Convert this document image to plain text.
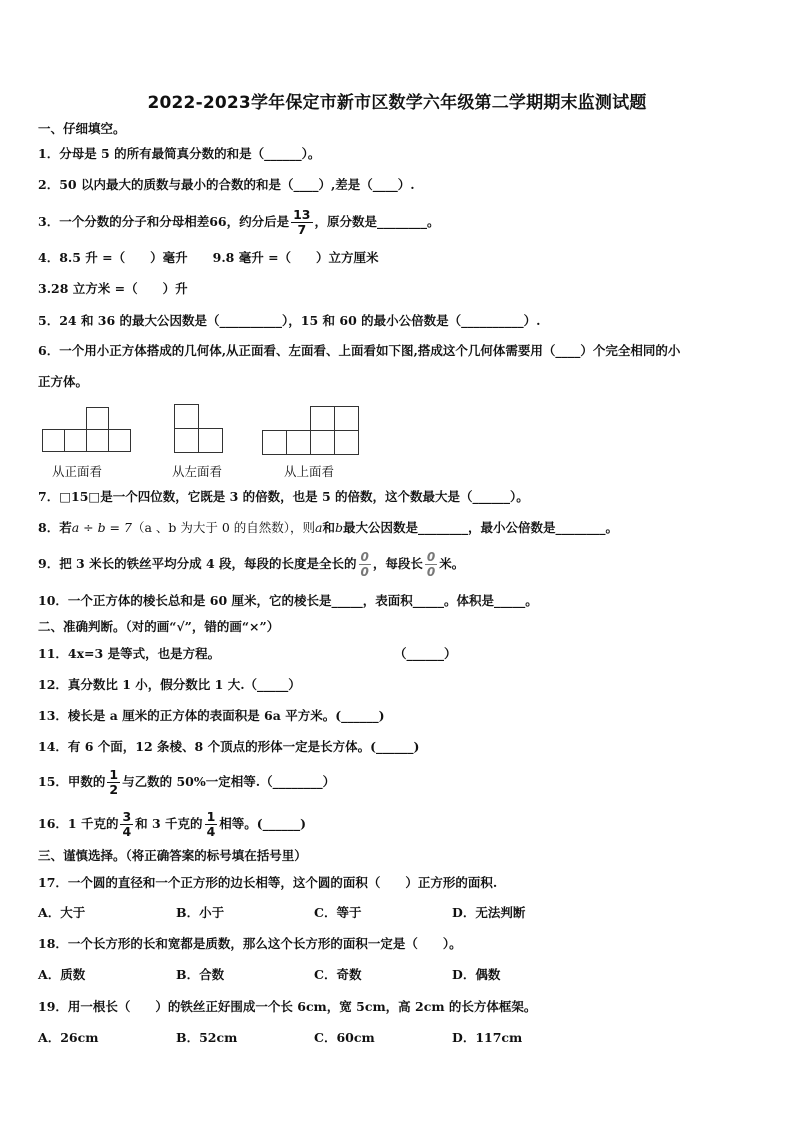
2022-2023学年保定市新市区数学六年级第二学期期末监测试题
一、仔细填空。
1．分母是 5 的所有最简真分数的和是（______）。
2．50 以内最大的质数与最小的合数的和是（____）,差是（____）.
3．一个分数的分子和分母相差66，约分后是 $\frac{13}{7}$ ，原分数是________。
4．8.5 升 =（　　）毫升　　9.8 毫升 =（　　）立方厘米
3.28 立方米 =（　　）升
5．24 和 36 的最大公因数是（__________），15 和 60 的最小公倍数是（__________）.
6．一个用小正方体搭成的几何体,从正面看、左面看、上面看如下图,搭成这个几何体需要用（____）个完全相同的小
正方体。
从正面看	从左面看	从上面看
7．□15□是一个四位数，它既是 3 的倍数，也是 5 的倍数，这个数最大是（______）。
8．若 a ÷ b = 7 （a 、b 为大于 0 的自然数），则 a 和 b 最大公因数是________，最小公倍数是________。
9．把 3 米长的铁丝平均分成 4 段，每段的长度是全长的 $\frac{0}{0}$ ，每段长 $\frac{0}{0}$ 米。
10．一个正方体的棱长总和是 60 厘米，它的棱长是_____，表面积_____。体积是_____。
二、准确判断。（对的画“√”，错的画“×”）
11．4x=3 是等式，也是方程。	（______）
12．真分数比 1 小，假分数比 1 大.（_____）
13．棱长是 a 厘米的正方体的表面积是 6a 平方米。(______)
14．有 6 个面，12 条棱、8 个顶点的形体一定是长方体。(______)
15．甲数的 $\frac{1}{2}$ 与乙数的 50%一定相等.（________）
16．1 千克的 $\frac{3}{4}$ 和 3 千克的 $\frac{1}{4}$ 相等。(______)
三、谨慎选择。（将正确答案的标号填在括号里）
17．一个圆的直径和一个正方形的边长相等，这个圆的面积（　　）正方形的面积.
A．大于	B．小于	C．等于	D．无法判断
18．一个长方形的长和宽都是质数，那么这个长方形的面积一定是（　　）。
A．质数	B．合数	C．奇数	D．偶数
19．用一根长（　　）的铁丝正好围成一个长 6cm，宽 5cm，高 2cm 的长方体框架。
A．26cm	B．52cm	C．60cm	D．117cm
